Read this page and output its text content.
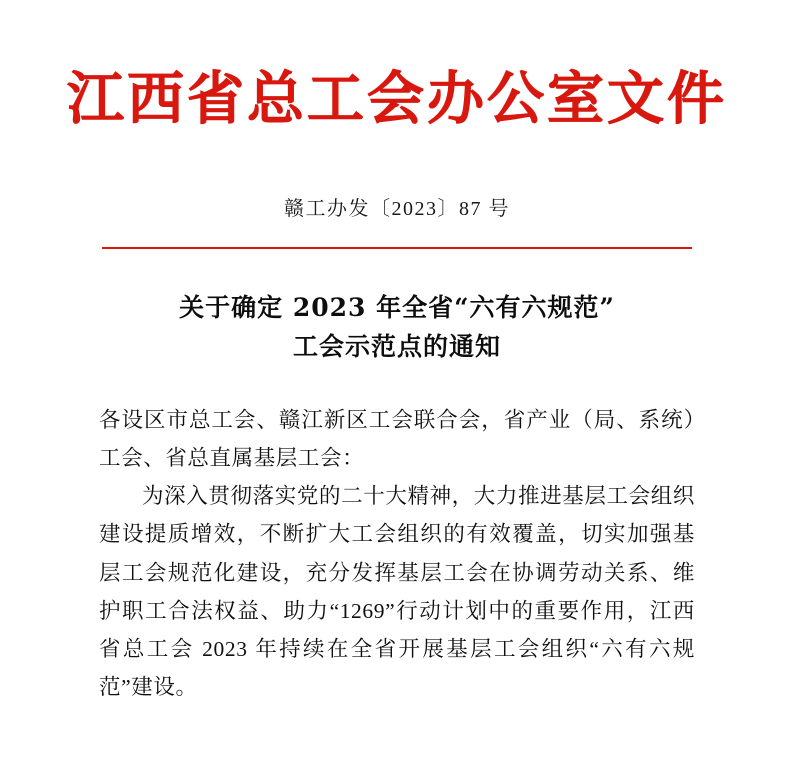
江西省总工会办公室文件
赣工办发〔2023〕87 号
关于确定 2023 年全省“六有六规范”
工会示范点的通知

各设区市总工会、赣江新区工会联合会，省产业（局、系统）工会、省总直属基层工会：

为深入贯彻落实党的二十大精神，大力推进基层工会组织建设提质增效，不断扩大工会组织的有效覆盖，切实加强基层工会规范化建设，充分发挥基层工会在协调劳动关系、维护职工合法权益、助力“1269”行动计划中的重要作用，江西省总工会 2023 年持续在全省开展基层工会组织“六有六规范”建设。
